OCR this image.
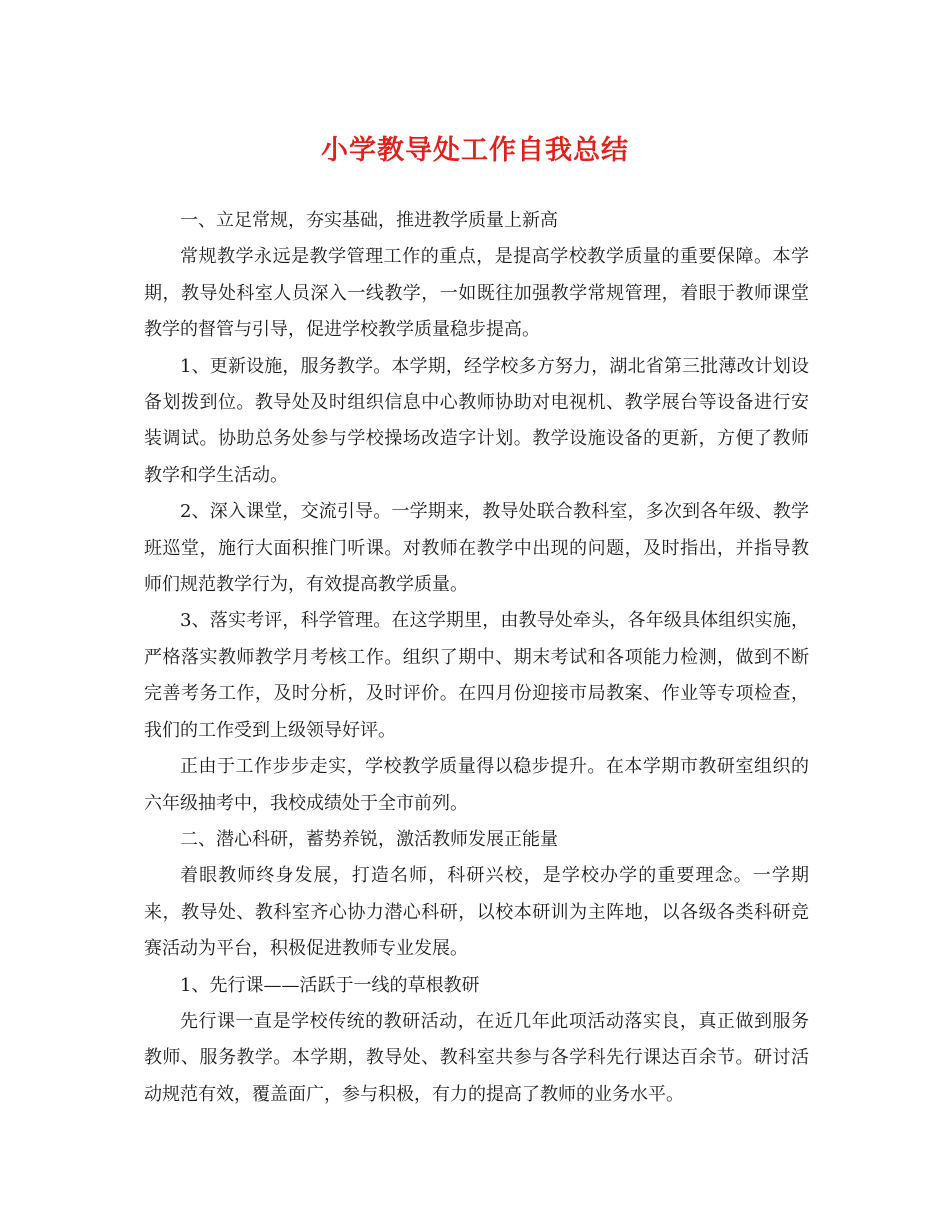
小学教导处工作自我总结

一、立足常规，夯实基础，推进教学质量上新高

常规教学永远是教学管理工作的重点，是提高学校教学质量的重要保障。本学期，教导处科室人员深入一线教学，一如既往加强教学常规管理，着眼于教师课堂教学的督管与引导，促进学校教学质量稳步提高。

1、更新设施，服务教学。本学期，经学校多方努力，湖北省第三批薄改计划设备划拨到位。教导处及时组织信息中心教师协助对电视机、教学展台等设备进行安装调试。协助总务处参与学校操场改造字计划。教学设施设备的更新，方便了教师教学和学生活动。

2、深入课堂，交流引导。一学期来，教导处联合教科室，多次到各年级、教学班巡堂，施行大面积推门听课。对教师在教学中出现的问题，及时指出，并指导教师们规范教学行为，有效提高教学质量。

3、落实考评，科学管理。在这学期里，由教导处牵头，各年级具体组织实施，严格落实教师教学月考核工作。组织了期中、期末考试和各项能力检测，做到不断完善考务工作，及时分析，及时评价。在四月份迎接市局教案、作业等专项检查，我们的工作受到上级领导好评。

正由于工作步步走实，学校教学质量得以稳步提升。在本学期市教研室组织的六年级抽考中，我校成绩处于全市前列。

二、潜心科研，蓄势养锐，激活教师发展正能量

着眼教师终身发展，打造名师，科研兴校，是学校办学的重要理念。一学期来，教导处、教科室齐心协力潜心科研，以校本研训为主阵地，以各级各类科研竞赛活动为平台，积极促进教师专业发展。

1、先行课——活跃于一线的草根教研

先行课一直是学校传统的教研活动，在近几年此项活动落实良，真正做到服务教师、服务教学。本学期，教导处、教科室共参与各学科先行课达百余节。研讨活动规范有效，覆盖面广，参与积极，有力的提高了教师的业务水平。
